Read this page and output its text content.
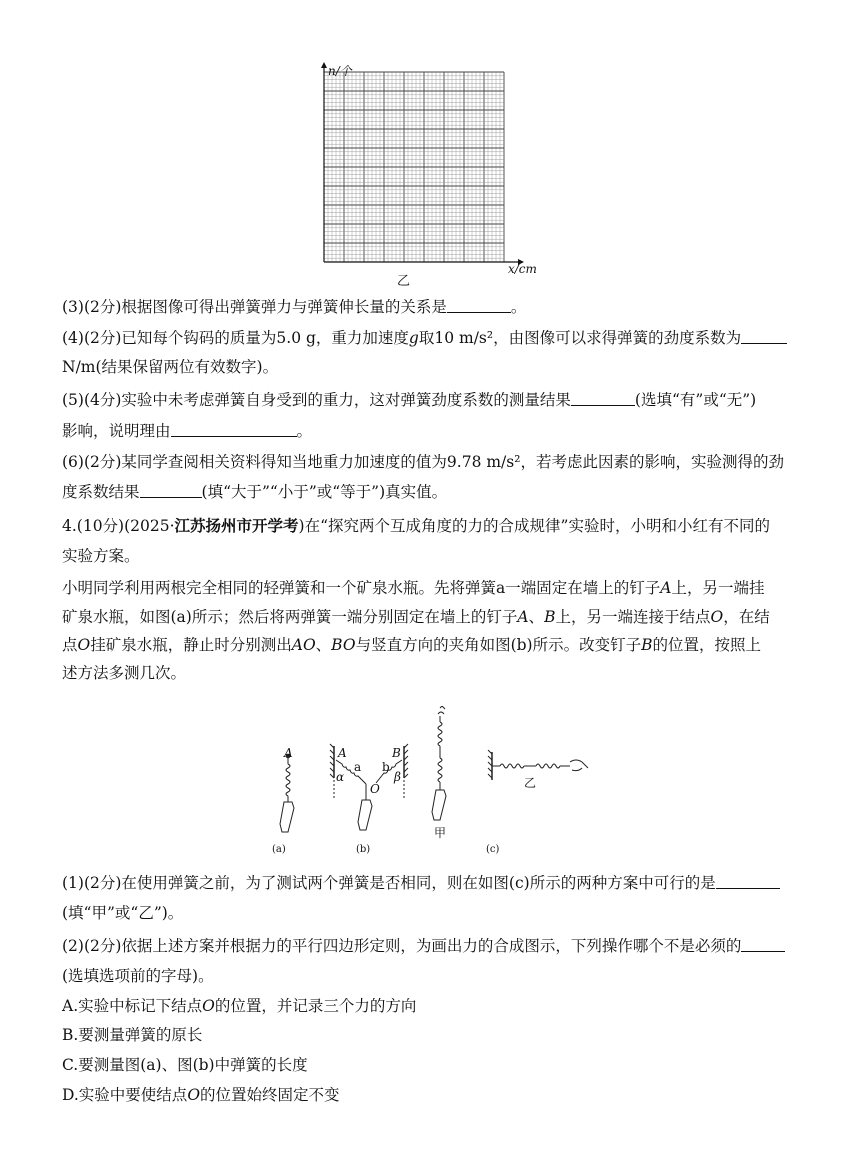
n/个
x/cm
乙
(3)(2分)根据图像可得出弹簧弹力与弹簧伸长量的关系是	。
(4)(2分)已知每个钩码的质量为5.0 g，重力加速度g取10 m/s²，由图像可以求得弹簧的劲度系数为
N/m(结果保留两位有效数字)。
(5)(4分)实验中未考虑弹簧自身受到的重力，这对弹簧劲度系数的测量结果	(选填“有”或“无”)
影响，说明理由	。
(6)(2分)某同学查阅相关资料得知当地重力加速度的值为9.78 m/s²，若考虑此因素的影响，实验测得的劲
度系数结果	(填“大于”“小于”或“等于”)真实值。
4.(10分)(2025·江苏扬州市开学考)在“探究两个互成角度的力的合成规律”实验时，小明和小红有不同的
实验方案。
小明同学利用两根完全相同的轻弹簧和一个矿泉水瓶。先将弹簧a一端固定在墙上的钉子A上，另一端挂
矿泉水瓶，如图(a)所示；然后将两弹簧一端分别固定在墙上的钉子A、B上，另一端连接于结点O，在结
点O挂矿泉水瓶，静止时分别测出AO、BO与竖直方向的夹角如图(b)所示。改变钉子B的位置，按照上
述方法多测几次。
A	A	B
a b
α	β
O
甲
乙
(a)	(b)	(c)
(1)(2分)在使用弹簧之前，为了测试两个弹簧是否相同，则在如图(c)所示的两种方案中可行的是
(填“甲”或“乙”)。
(2)(2分)依据上述方案并根据力的平行四边形定则，为画出力的合成图示，下列操作哪个不是必须的
(选填选项前的字母)。
A.实验中标记下结点O的位置，并记录三个力的方向
B.要测量弹簧的原长
C.要测量图(a)、图(b)中弹簧的长度
D.实验中要使结点O的位置始终固定不变
